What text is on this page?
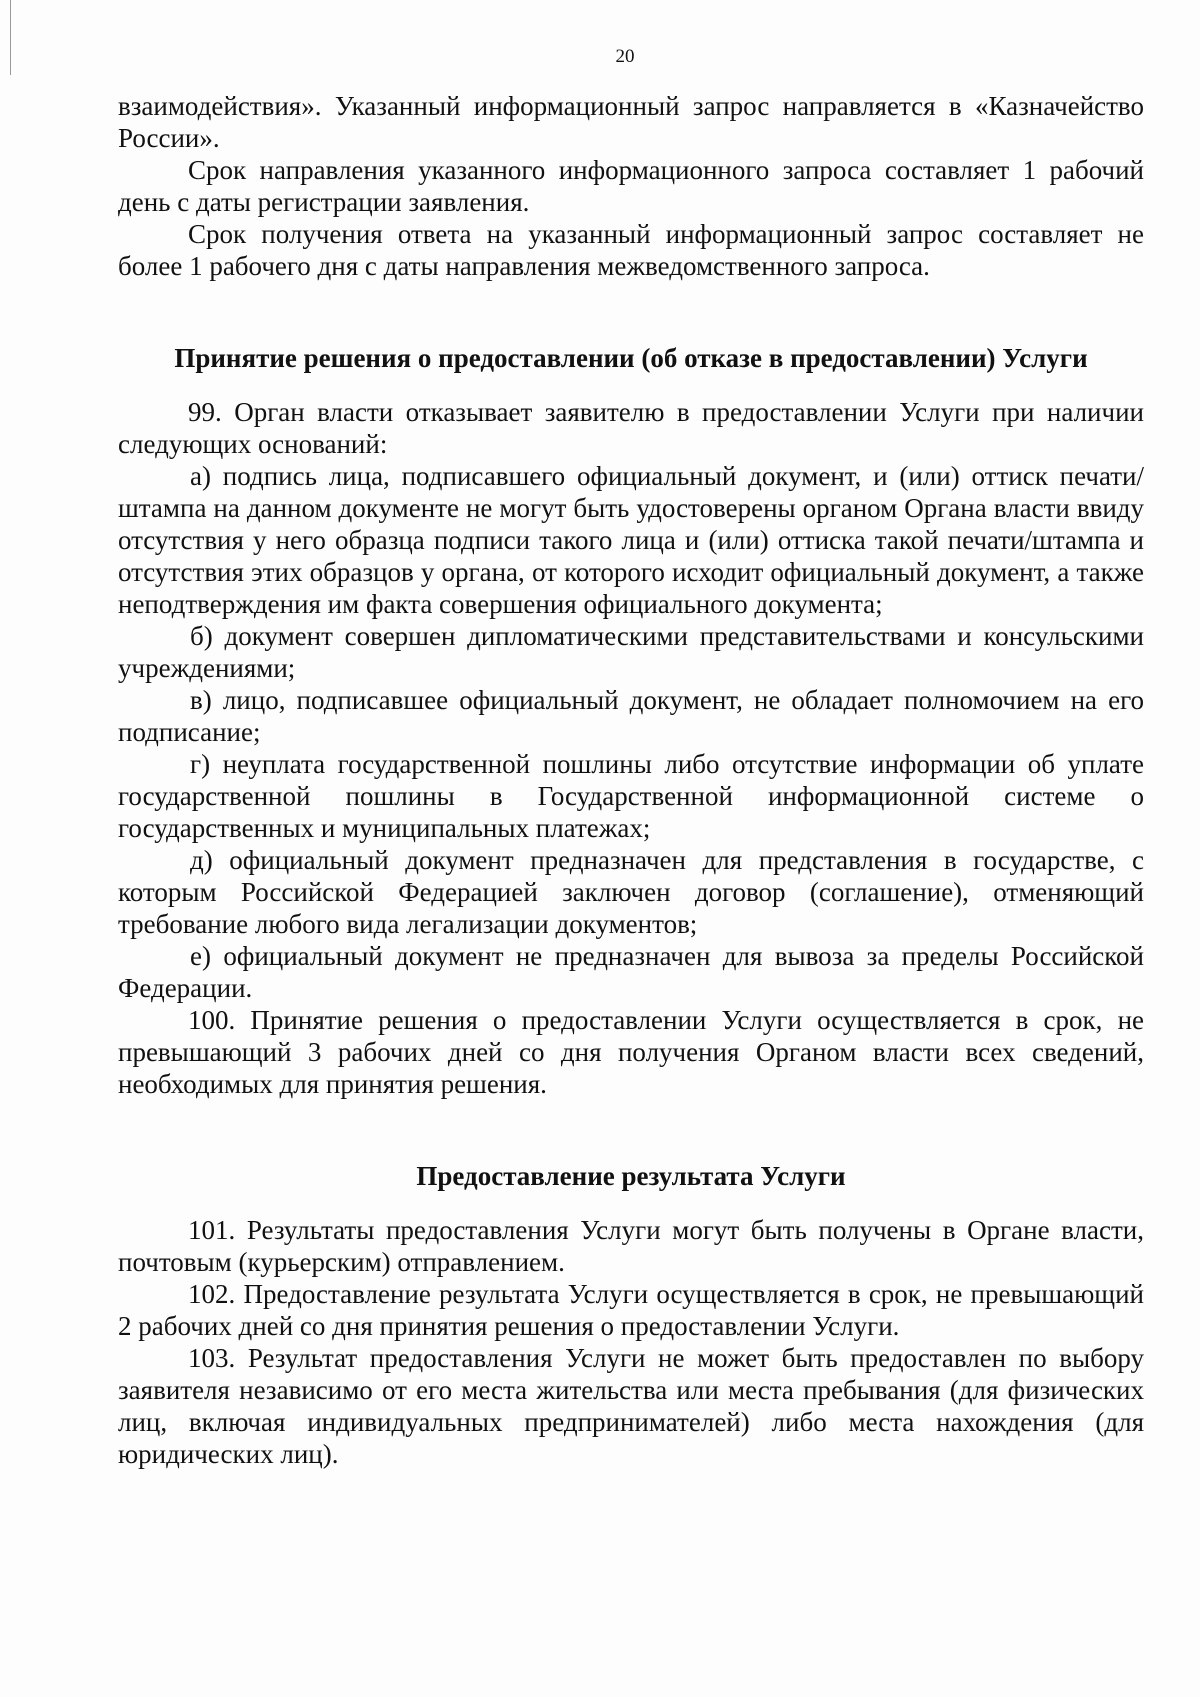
20

взаимодействия». Указанный информационный запрос направляется в «Казначейство России».

Срок направления указанного информационного запроса составляет 1 рабочий день с даты регистрации заявления.

Срок получения ответа на указанный информационный запрос составляет не более 1 рабочего дня с даты направления межведомственного запроса.

Принятие решения о предоставлении (об отказе в предоставлении) Услуги

99. Орган власти отказывает заявителю в предоставлении Услуги при наличии следующих оснований:

а) подпись лица, подписавшего официальный документ, и (или) оттиск печати/штампа на данном документе не могут быть удостоверены органом Органа власти ввиду отсутствия у него образца подписи такого лица и (или) оттиска такой печати/штампа и отсутствия этих образцов у органа, от которого исходит официальный документ, а также неподтверждения им факта совершения официального документа;

б) документ совершен дипломатическими представительствами и консульскими учреждениями;

в) лицо, подписавшее официальный документ, не обладает полномочием на его подписание;

г) неуплата государственной пошлины либо отсутствие информации об уплате государственной пошлины в Государственной информационной системе о государственных и муниципальных платежах;

д) официальный документ предназначен для представления в государстве, с которым Российской Федерацией заключен договор (соглашение), отменяющий требование любого вида легализации документов;

е) официальный документ не предназначен для вывоза за пределы Российской Федерации.

100. Принятие решения о предоставлении Услуги осуществляется в срок, не превышающий 3 рабочих дней со дня получения Органом власти всех сведений, необходимых для принятия решения.

Предоставление результата Услуги

101. Результаты предоставления Услуги могут быть получены в Органе власти, почтовым (курьерским) отправлением.

102. Предоставление результата Услуги осуществляется в срок, не превышающий 2 рабочих дней со дня принятия решения о предоставлении Услуги.

103. Результат предоставления Услуги не может быть предоставлен по выбору заявителя независимо от его места жительства или места пребывания (для физических лиц, включая индивидуальных предпринимателей) либо места нахождения (для юридических лиц).
